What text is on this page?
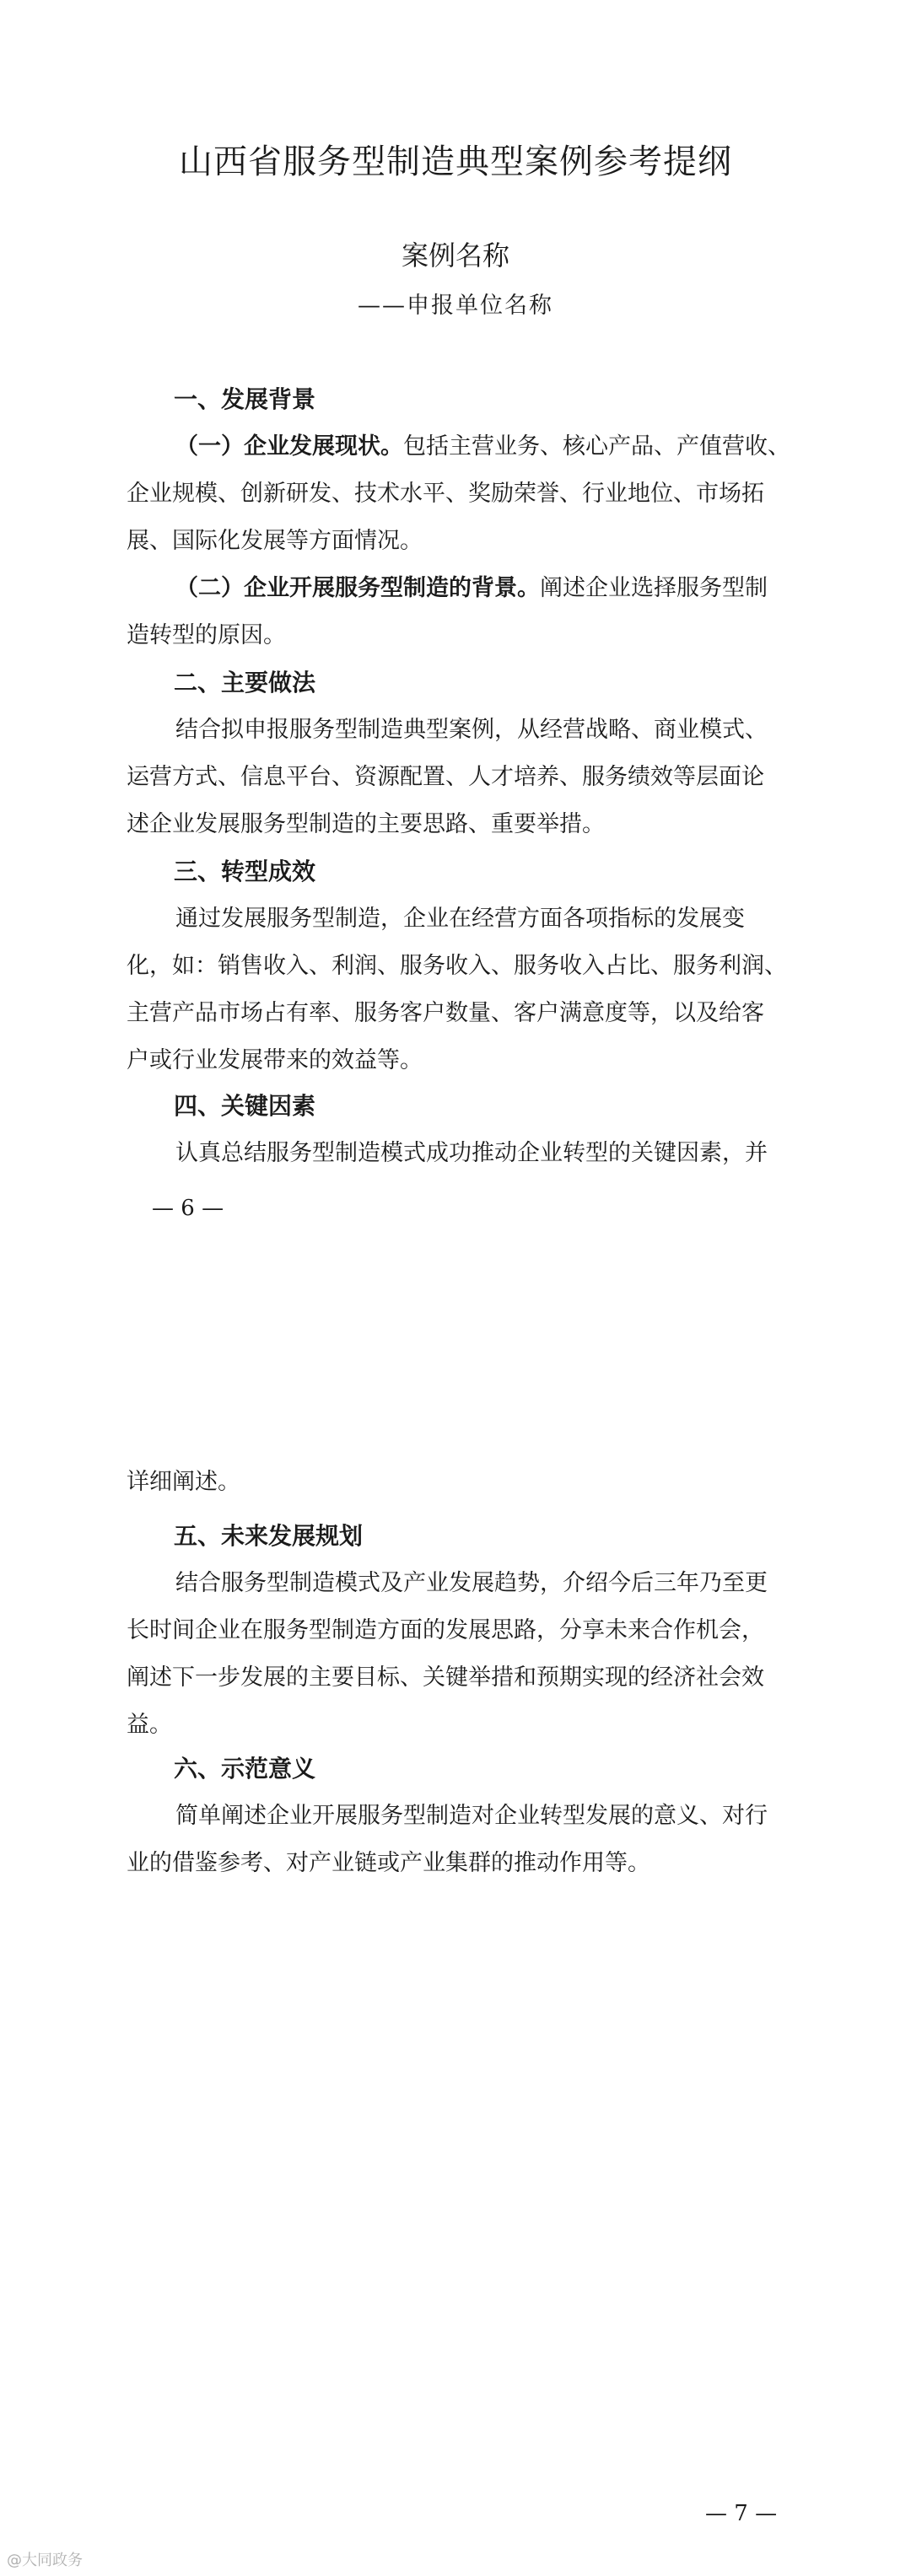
山西省服务型制造典型案例参考提纲
案例名称
——申报单位名称
一、发展背景

（一）企业发展现状。包括主营业务、核心产品、产值营收、

企业规模、创新研发、技术水平、奖励荣誉、行业地位、市场拓

展、国际化发展等方面情况。

（二）企业开展服务型制造的背景。阐述企业选择服务型制

造转型的原因。

二、主要做法

结合拟申报服务型制造典型案例，从经营战略、商业模式、

运营方式、信息平台、资源配置、人才培养、服务绩效等层面论

述企业发展服务型制造的主要思路、重要举措。

三、转型成效

通过发展服务型制造，企业在经营方面各项指标的发展变

化，如：销售收入、利润、服务收入、服务收入占比、服务利润、

主营产品市场占有率、服务客户数量、客户满意度等，以及给客

户或行业发展带来的效益等。

四、关键因素

认真总结服务型制造模式成功推动企业转型的关键因素，并

— 6 —

详细阐述。

五、未来发展规划

结合服务型制造模式及产业发展趋势，介绍今后三年乃至更

长时间企业在服务型制造方面的发展思路，分享未来合作机会，

阐述下一步发展的主要目标、关键举措和预期实现的经济社会效

益。

六、示范意义

简单阐述企业开展服务型制造对企业转型发展的意义、对行

业的借鉴参考、对产业链或产业集群的推动作用等。

— 7 —
@大同政务
